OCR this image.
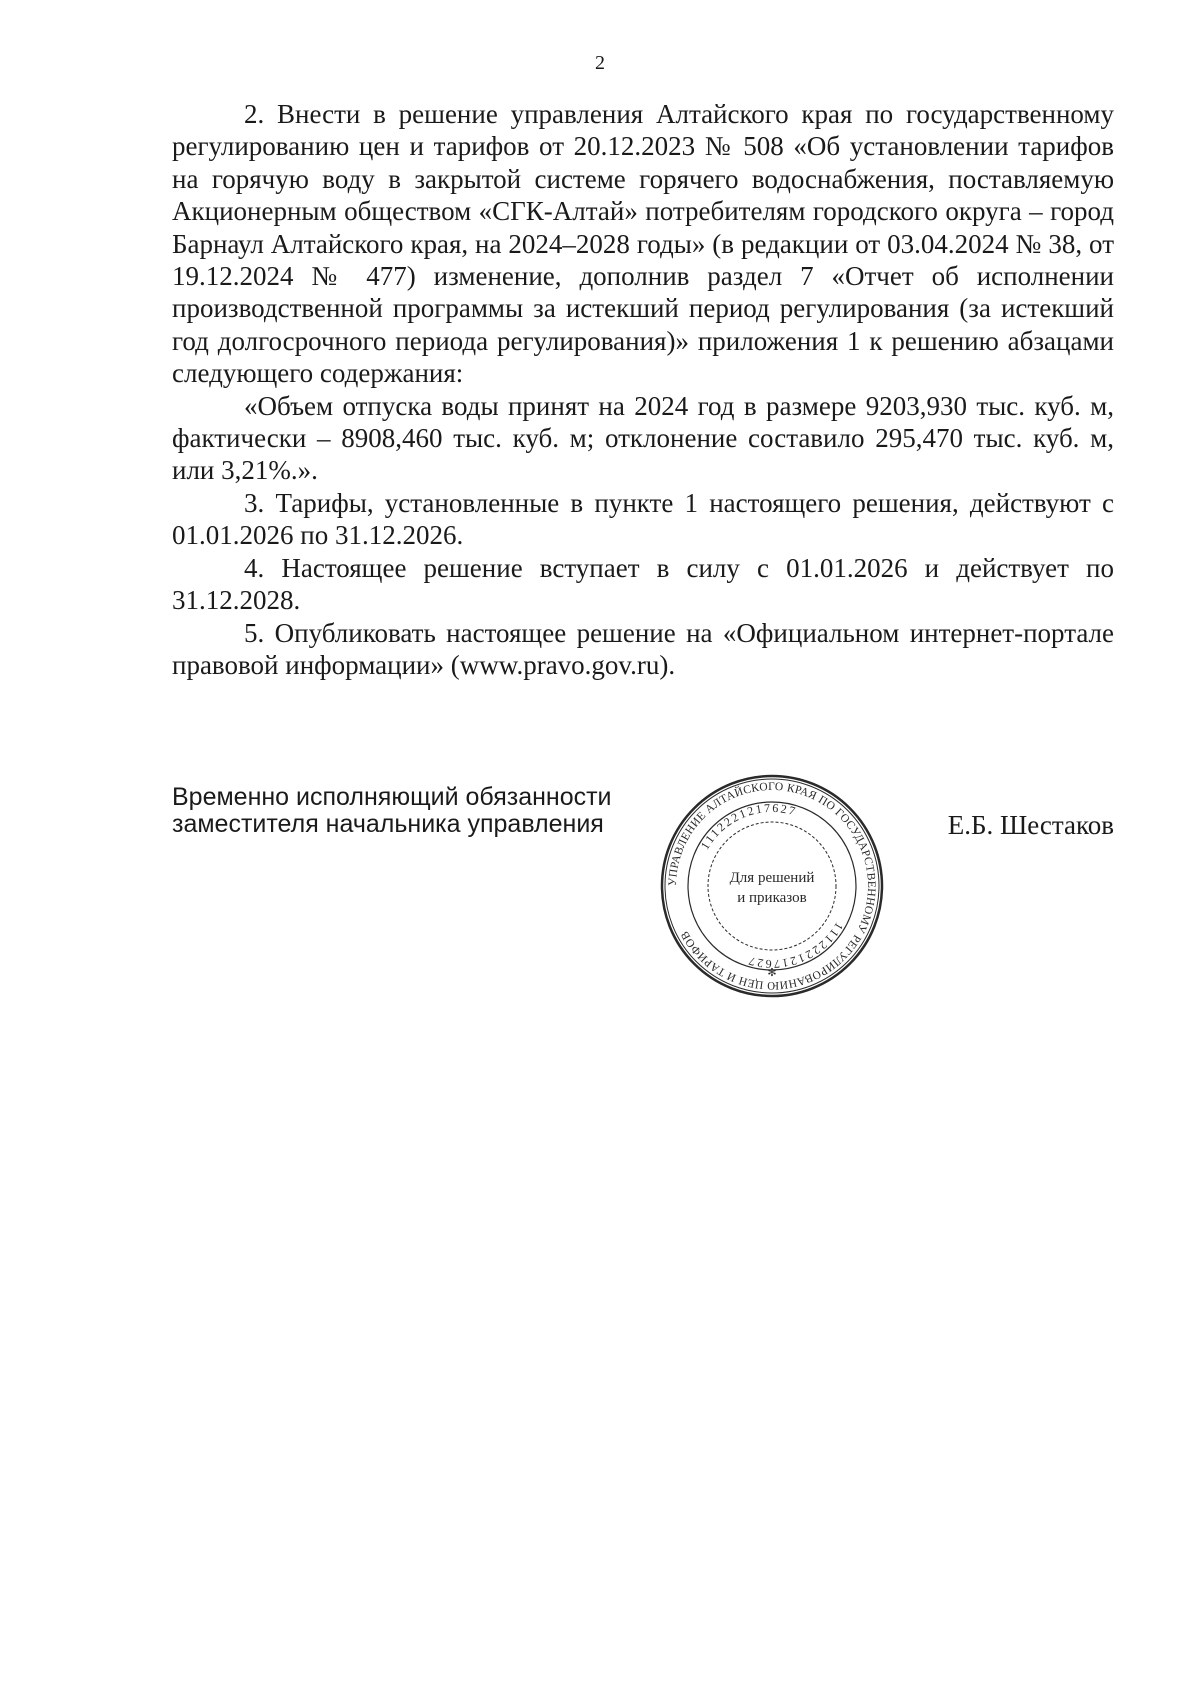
2

2. Внести в решение управления Алтайского края по государственному регулированию цен и тарифов от 20.12.2023 № 508 «Об установлении тарифов на горячую воду в закрытой системе горячего водоснабжения, поставляемую Акционерным обществом «СГК-Алтай» потребителям городского округа – город Барнаул Алтайского края, на 2024–2028 годы» (в редакции от 03.04.2024 № 38, от 19.12.2024 № 477) изменение, дополнив раздел 7 «Отчет об исполнении производственной программы за истекший период регулирования (за истекший год долгосрочного периода регулирования)» приложения 1 к решению абзацами следующего содержания:

«Объем отпуска воды принят на 2024 год в размере 9203,930 тыс. куб. м, фактически – 8908,460 тыс. куб. м; отклонение составило 295,470 тыс. куб. м, или 3,21%.».

3. Тарифы, установленные в пункте 1 настоящего решения, действуют с 01.01.2026 по 31.12.2026.

4. Настоящее решение вступает в силу с 01.01.2026 и действует по 31.12.2028.

5. Опубликовать настоящее решение на «Официальном интернет-портале правовой информации» (www.pravo.gov.ru).

Временно исполняющий обязанности
заместителя начальника управления
УПРАВЛЕНИЕ АЛТАЙСКОГО КРАЯ ПО ГОСУДАРСТВЕННОМУ РЕГУЛИРОВАНИЮ ЦЕН И ТАРИФОВ
1112221217627
1112221217627
Для решений
и приказов
✻
Е.Б. Шестаков
